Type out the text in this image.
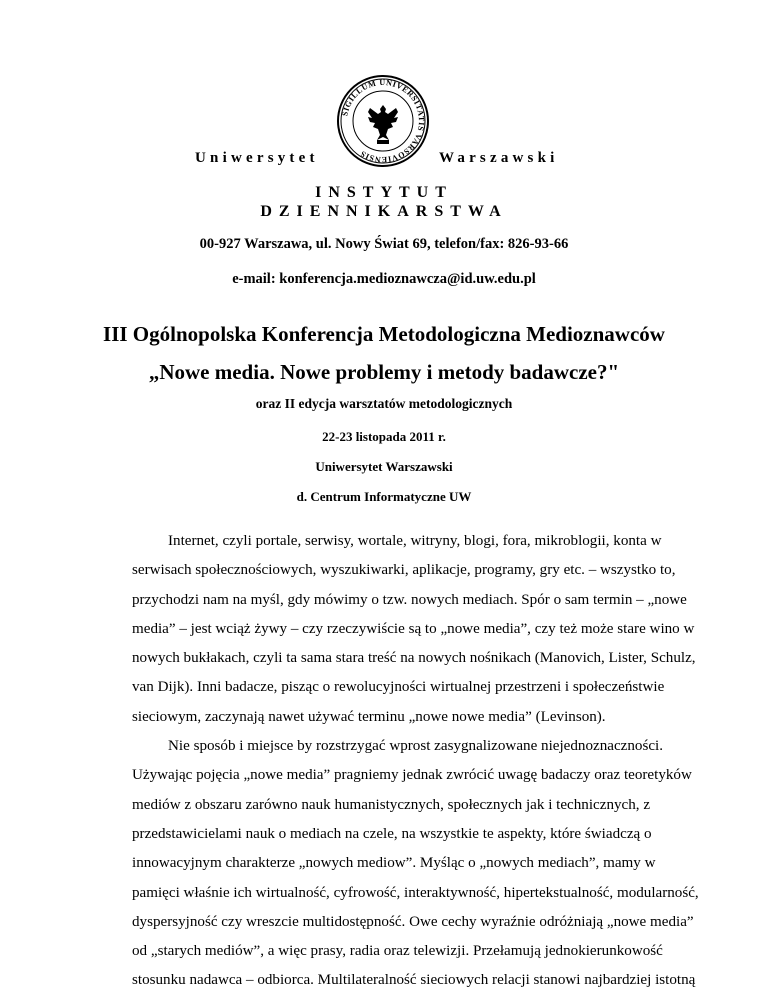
SIGILLUM UNIVERSITATIS VARSOVIENSIS
Uniwersytet	Warszawski
INSTYTUT
DZIENNIKARSTWA
00-927 Warszawa, ul. Nowy Świat 69, telefon/fax: 826-93-66
e-mail: konferencja.medioznawcza@id.uw.edu.pl
III Ogólnopolska Konferencja Metodologiczna Medioznawców
„Nowe media. Nowe problemy i metody badawcze?"
oraz II edycja warsztatów metodologicznych
22-23 listopada 2011 r.
Uniwersytet Warszawski
d. Centrum Informatyczne UW
Internet, czyli portale, serwisy, wortale, witryny, blogi, fora, mikroblogii, konta w
serwisach społecznościowych, wyszukiwarki, aplikacje, programy, gry etc. – wszystko to,
przychodzi nam na myśl, gdy mówimy o tzw. nowych mediach. Spór o sam termin – „nowe
media” – jest wciąż żywy – czy rzeczywiście są to „nowe media”, czy też może stare wino w
nowych bukłakach, czyli ta sama stara treść na nowych nośnikach (Manovich, Lister, Schulz,
van Dijk). Inni badacze, pisząc o rewolucyjności wirtualnej przestrzeni i społeczeństwie
sieciowym, zaczynają nawet używać terminu „nowe nowe media” (Levinson).
Nie sposób i miejsce by rozstrzygać wprost zasygnalizowane niejednoznaczności.
Używając pojęcia „nowe media” pragniemy jednak zwrócić uwagę badaczy oraz teoretyków
mediów z obszaru zarówno nauk humanistycznych, społecznych jak i technicznych, z
przedstawicielami nauk o mediach na czele, na wszystkie te aspekty, które świadczą o
innowacyjnym charakterze „nowych mediow”. Myśląc o „nowych mediach”, mamy w
pamięci właśnie ich wirtualność, cyfrowość, interaktywność, hipertekstualność, modularność,
dyspersyjność czy wreszcie multidostępność. Owe cechy wyraźnie odróżniają „nowe media”
od „starych mediów”, a więc prasy, radia oraz telewizji. Przełamują jednokierunkowość
stosunku nadawca – odbiorca. Multilateralność sieciowych relacji stanowi najbardziej istotną
